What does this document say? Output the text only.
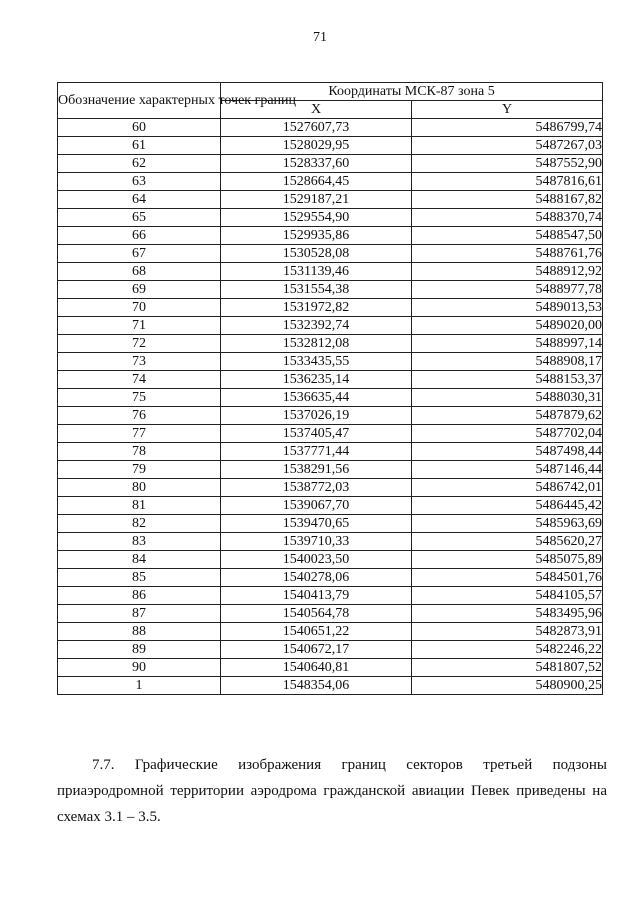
71
Обозначение характерных точек границ	Координаты МСК-87 зона 5	
	X	Y
60	1527607,73	5486799,74
61	1528029,95	5487267,03
62	1528337,60	5487552,90
63	1528664,45	5487816,61
64	1529187,21	5488167,82
65	1529554,90	5488370,74
66	1529935,86	5488547,50
67	1530528,08	5488761,76
68	1531139,46	5488912,92
69	1531554,38	5488977,78
70	1531972,82	5489013,53
71	1532392,74	5489020,00
72	1532812,08	5488997,14
73	1533435,55	5488908,17
74	1536235,14	5488153,37
75	1536635,44	5488030,31
76	1537026,19	5487879,62
77	1537405,47	5487702,04
78	1537771,44	5487498,44
79	1538291,56	5487146,44
80	1538772,03	5486742,01
81	1539067,70	5486445,42
82	1539470,65	5485963,69
83	1539710,33	5485620,27
84	1540023,50	5485075,89
85	1540278,06	5484501,76
86	1540413,79	5484105,57
87	1540564,78	5483495,96
88	1540651,22	5482873,91
89	1540672,17	5482246,22
90	1540640,81	5481807,52
1	1548354,06	5480900,25
7.7. Графические изображения границ секторов третьей подзоны
приаэродромной территории аэродрома гражданской авиации Певек приведены на
схемах 3.1 – 3.5.
